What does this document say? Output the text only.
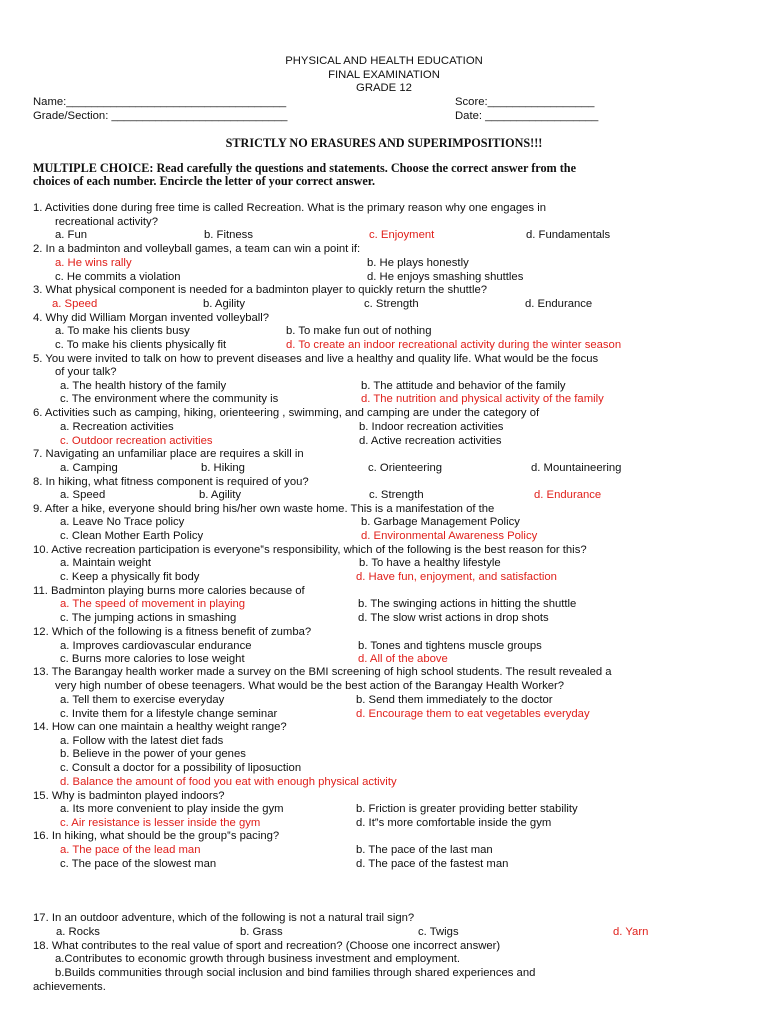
PHYSICAL AND HEALTH EDUCATION
FINAL EXAMINATION
GRADE 12
Name:___________________________________	Score:_________________
Grade/Section: ____________________________	Date: __________________
STRICTLY NO ERASURES AND SUPERIMPOSITIONS!!!
MULTIPLE CHOICE: Read carefully the questions and statements. Choose the correct answer from the
choices of each number. Encircle the letter of your correct answer.
1. Activities done during free time is called Recreation. What is the primary reason why one engages in
recreational activity?
a. Fun	b. Fitness	c. Enjoyment	d. Fundamentals
2. In a badminton and volleyball games, a team can win a point if:
a. He wins rally	b. He plays honestly
c. He commits a violation	d. He enjoys smashing shuttles
3. What physical component is needed for a badminton player to quickly return the shuttle?
a. Speed	b. Agility	c. Strength	d. Endurance
4. Why did William Morgan invented volleyball?
a. To make his clients busy	b. To make fun out of nothing
c. To make his clients physically fit	d. To create an indoor recreational activity during the winter season
5. You were invited to talk on how to prevent diseases and live a healthy and quality life. What would be the focus
of your talk?
a. The health history of the family	b. The attitude and behavior of the family
c. The environment where the community is	d. The nutrition and physical activity of the family
6. Activities such as camping, hiking, orienteering , swimming, and camping are under the category of
a. Recreation activities	b. Indoor recreation activities
c. Outdoor recreation activities	d. Active recreation activities
7. Navigating an unfamiliar place are requires a skill in
a. Camping	b. Hiking	c. Orienteering	d. Mountaineering
8. In hiking, what fitness component is required of you?
a. Speed	b. Agility	c. Strength	d. Endurance
9. After a hike, everyone should bring his/her own waste home. This is a manifestation of the
a. Leave No Trace policy	b. Garbage Management Policy
c. Clean Mother Earth Policy	d. Environmental Awareness Policy
10. Active recreation participation is everyone‟s responsibility, which of the following is the best reason for this?
a. Maintain weight	b. To have a healthy lifestyle
c. Keep a physically fit body	d. Have fun, enjoyment, and satisfaction
11. Badminton playing burns more calories because of
a. The speed of movement in playing	b. The swinging actions in hitting the shuttle
c. The jumping actions in smashing	d. The slow wrist actions in drop shots
12. Which of the following is a fitness benefit of zumba?
a. Improves cardiovascular endurance	b. Tones and tightens muscle groups
c. Burns more calories to lose weight	d. All of the above
13. The Barangay health worker made a survey on the BMI screening of high school students. The result revealed a
very high number of obese teenagers. What would be the best action of the Barangay Health Worker?
a. Tell them to exercise everyday	b. Send them immediately to the doctor
c. Invite them for a lifestyle change seminar	d. Encourage them to eat vegetables everyday
14. How can one maintain a healthy weight range?
a. Follow with the latest diet fads
b. Believe in the power of your genes
c. Consult a doctor for a possibility of liposuction
d. Balance the amount of food you eat with enough physical activity
15. Why is badminton played indoors?
a. Its more convenient to play inside the gym	b. Friction is greater providing better stability
c. Air resistance is lesser inside the gym	d. It‟s more comfortable inside the gym
16. In hiking, what should be the group‟s pacing?
a. The pace of the lead man	b. The pace of the last man
c. The pace of the slowest man	d. The pace of the fastest man
17. In an outdoor adventure, which of the following is not a natural trail sign?
a. Rocks	b. Grass	c. Twigs	d. Yarn
18. What contributes to the real value of sport and recreation? (Choose one incorrect answer)
a.Contributes to economic growth through business investment and employment.
b.Builds communities through social inclusion and bind families through shared experiences and
achievements.
